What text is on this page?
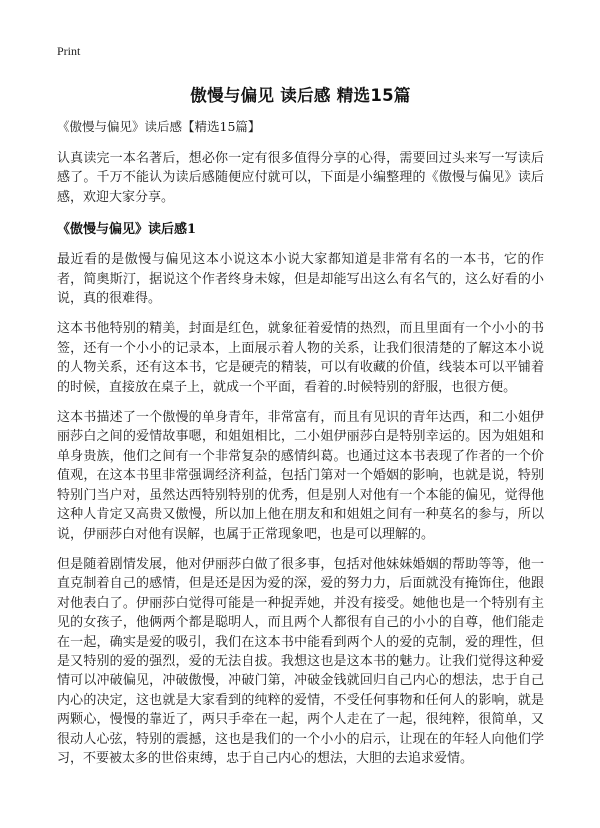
Print
傲慢与偏见 读后感 精选15篇
《傲慢与偏见》读后感【精选15篇】
认真读完一本名著后，想必你一定有很多值得分享的心得，需要回过头来写一写读后感了。千万不能认为读后感随便应付就可以，下面是小编整理的《傲慢与偏见》读后感，欢迎大家分享。
《傲慢与偏见》读后感1
最近看的是傲慢与偏见这本小说这本小说大家都知道是非常有名的一本书，它的作者，简奥斯汀，据说这个作者终身未嫁，但是却能写出这么有名气的，这么好看的小说，真的很难得。
这本书他特别的精美，封面是红色，就象征着爱情的热烈，而且里面有一个小小的书签，还有一个小小的记录本，上面展示着人物的关系，让我们很清楚的了解这本小说的人物关系，还有这本书，它是硬壳的精装，可以有收藏的价值，线装本可以平铺着的时候，直接放在桌子上，就成一个平面，看着的.时候特别的舒服，也很方便。
这本书描述了一个傲慢的单身青年，非常富有，而且有见识的青年达西，和二小姐伊丽莎白之间的爱情故事嗯，和姐姐相比，二小姐伊丽莎白是特别幸运的。因为姐姐和单身贵族，他们之间有一个非常复杂的感情纠葛。也通过这本书表现了作者的一个价值观，在这本书里非常强调经济利益，包括门第对一个婚姻的影响，也就是说，特别特别门当户对，虽然达西特别特别的优秀，但是别人对他有一个本能的偏见，觉得他这种人肯定又高贵又傲慢，所以加上他在朋友和和姐姐之间有一种莫名的参与，所以说，伊丽莎白对他有误解，也属于正常现象吧，也是可以理解的。
但是随着剧情发展，他对伊丽莎白做了很多事，包括对他妹妹婚姻的帮助等等，他一直克制着自己的感情，但是还是因为爱的深，爱的努力力，后面就没有掩饰住，他跟对他表白了。伊丽莎白觉得可能是一种捉弄她，并没有接受。她他也是一个特别有主见的女孩子，他俩两个都是聪明人，而且两个人都很有自己的小小的自尊，他们能走在一起，确实是爱的吸引，我们在这本书中能看到两个人的爱的克制，爱的理性，但是又特别的爱的强烈，爱的无法自拔。我想这也是这本书的魅力。让我们觉得这种爱情可以冲破偏见，冲破傲慢，冲破门第，冲破金钱就回归自己内心的想法，忠于自己内心的决定，这也就是大家看到的纯粹的爱情，不受任何事物和任何人的影响，就是两颗心，慢慢的靠近了，两只手牵在一起，两个人走在了一起，很纯粹，很简单，又很动人心弦，特别的震撼，这也是我们的一个小小的启示，让现在的年轻人向他们学习，不要被太多的世俗束缚，忠于自己内心的想法，大胆的去追求爱情。
